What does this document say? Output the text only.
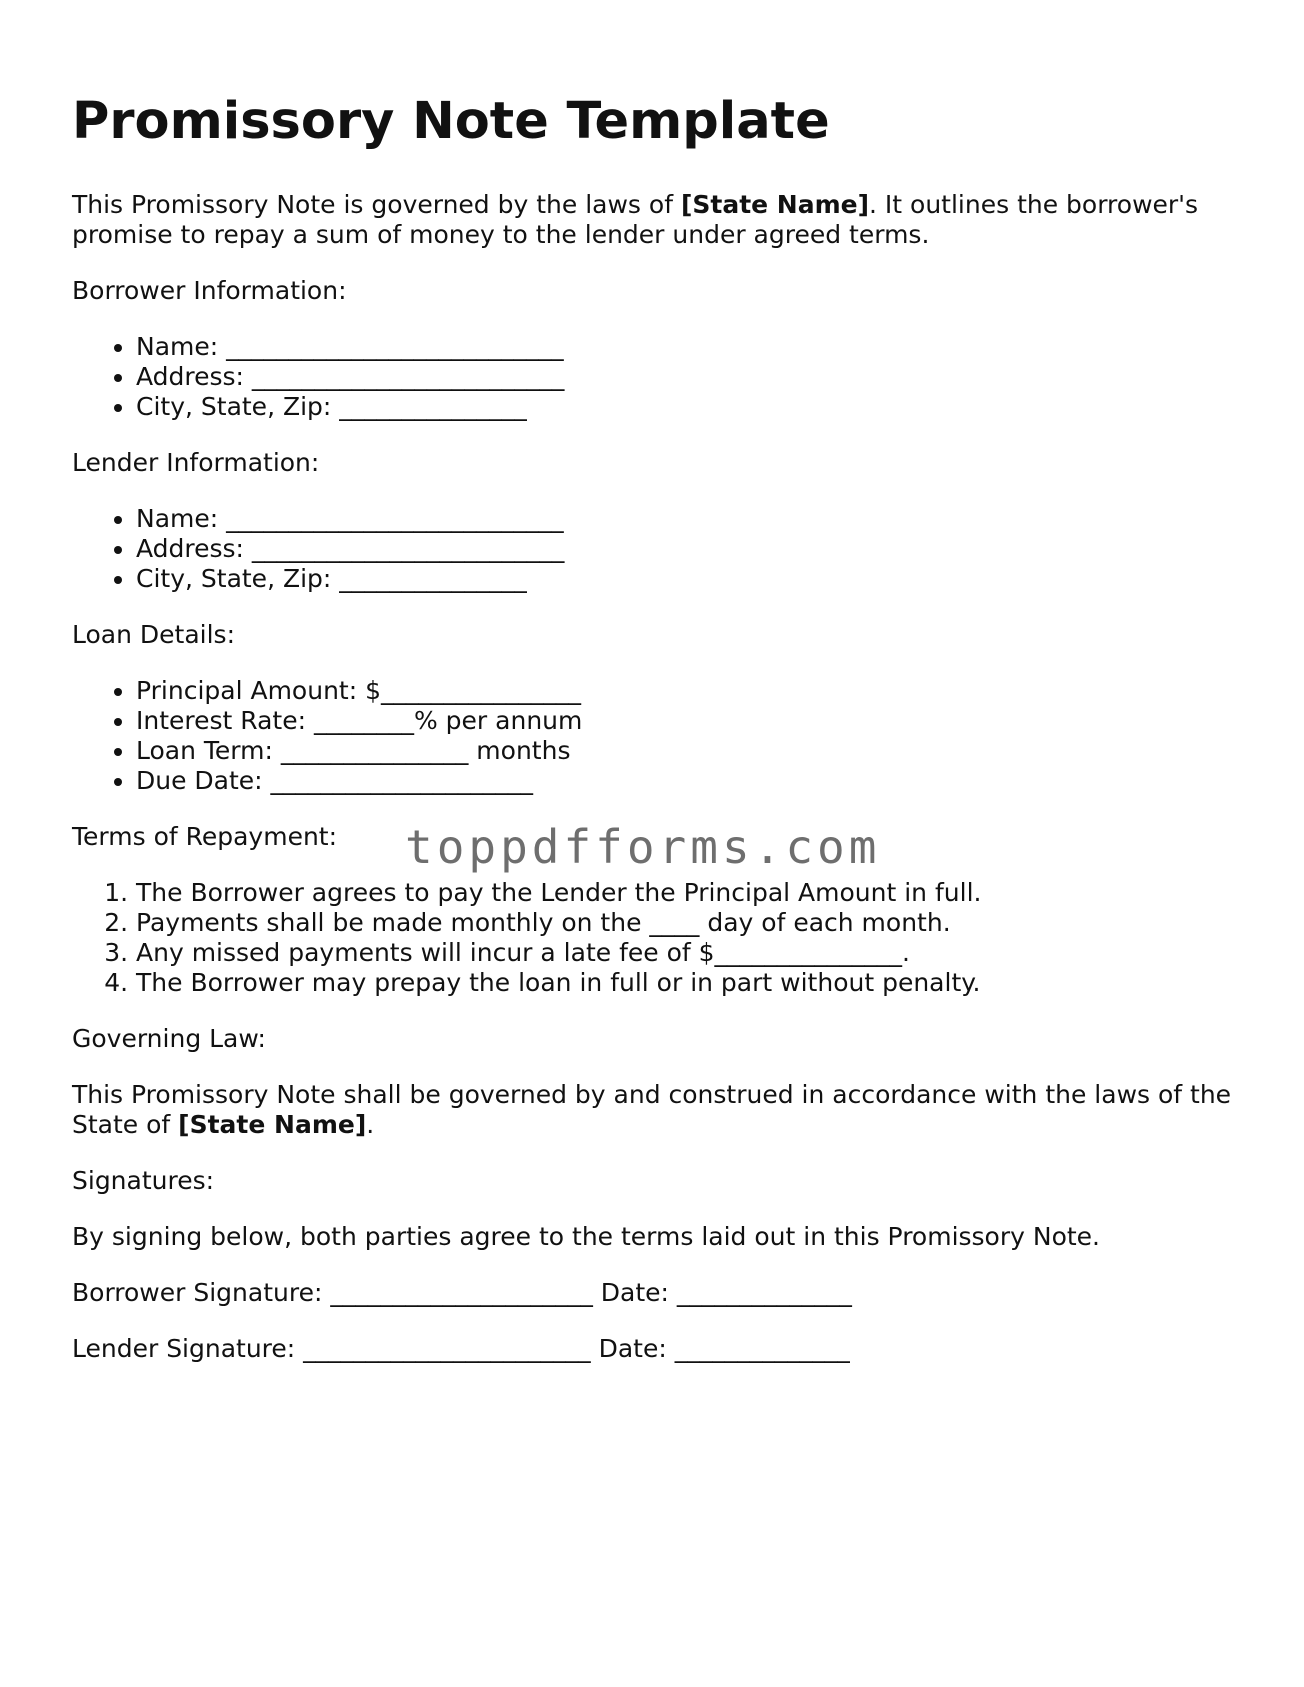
Promissory Note Template

This Promissory Note is governed by the laws of [State Name]. It outlines the borrower's promise to repay a sum of money to the lender under agreed terms.

Borrower Information:

• Name: ___________________________
• Address: _________________________
• City, State, Zip: _______________

Lender Information:

• Name: ___________________________
• Address: _________________________
• City, State, Zip: _______________

Loan Details:

• Principal Amount: $________________
• Interest Rate: ________% per annum
• Loan Term: _______________ months
• Due Date: _____________________

Terms of Repayment:

1. The Borrower agrees to pay the Lender the Principal Amount in full.
2. Payments shall be made monthly on the ____ day of each month.
3. Any missed payments will incur a late fee of $_______________.
4. The Borrower may prepay the loan in full or in part without penalty.

Governing Law:

This Promissory Note shall be governed by and construed in accordance with the laws of the State of [State Name].

Signatures:

By signing below, both parties agree to the terms laid out in this Promissory Note.

Borrower Signature: _____________________ Date: ______________

Lender Signature: _______________________ Date: ______________

toppdfforms.com
